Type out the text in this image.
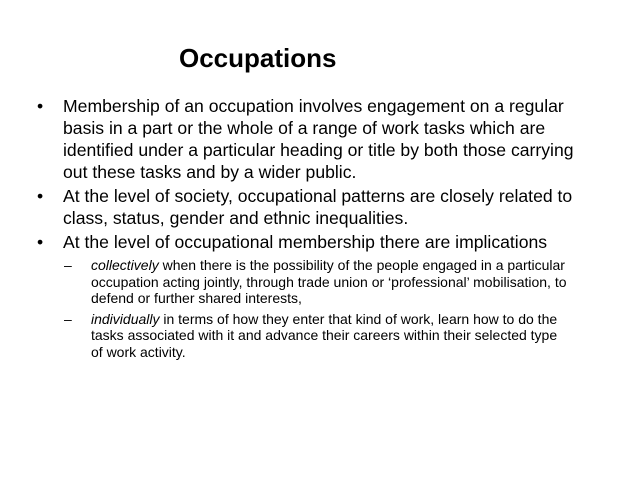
Occupations
• Membership of an occupation involves engagement on a regular basis in a part or the whole of a range of work tasks which are identified under a particular heading or title by both those carrying out these tasks and by a wider public.
• At the level of society, occupational patterns are closely related to class, status, gender and ethnic inequalities.
• At the level of occupational membership there are implications
– collectively when there is the possibility of the people engaged in a particular occupation acting jointly, through trade union or ‘professional’ mobilisation, to defend or further shared interests,
– individually in terms of how they enter that kind of work, learn how to do the tasks associated with it and advance their careers within their selected type of work activity.
